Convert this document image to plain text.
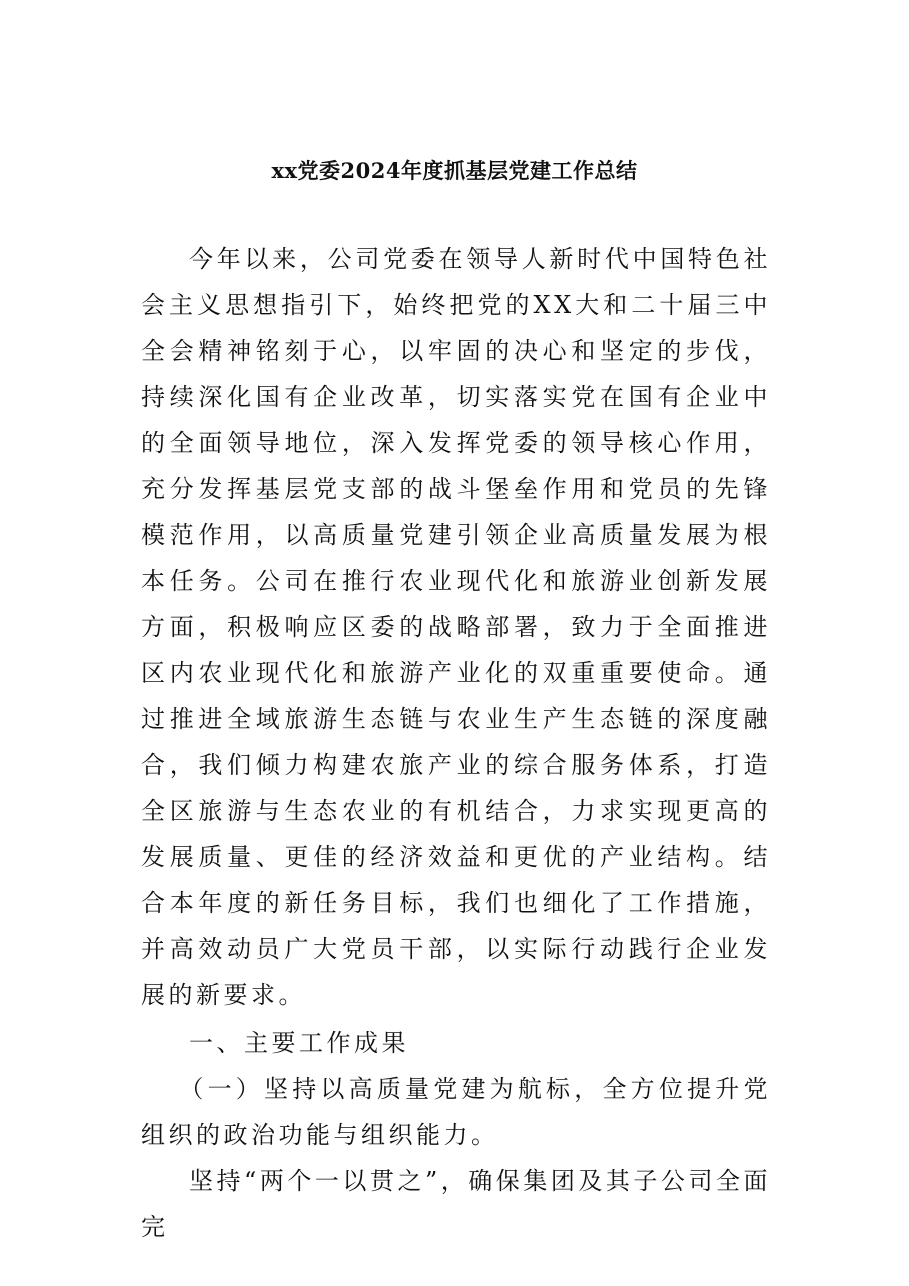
xx党委2024年度抓基层党建工作总结

今年以来，公司党委在领导人新时代中国特色社会主义思想指引下，始终把党的XX大和二十届三中全会精神铭刻于心，以牢固的决心和坚定的步伐，持续深化国有企业改革，切实落实党在国有企业中的全面领导地位，深入发挥党委的领导核心作用，充分发挥基层党支部的战斗堡垒作用和党员的先锋模范作用，以高质量党建引领企业高质量发展为根本任务。公司在推行农业现代化和旅游业创新发展方面，积极响应区委的战略部署，致力于全面推进区内农业现代化和旅游产业化的双重重要使命。通过推进全域旅游生态链与农业生产生态链的深度融合，我们倾力构建农旅产业的综合服务体系，打造全区旅游与生态农业的有机结合，力求实现更高的发展质量、更佳的经济效益和更优的产业结构。结合本年度的新任务目标，我们也细化了工作措施，并高效动员广大党员干部，以实际行动践行企业发展的新要求。

一、主要工作成果

（一）坚持以高质量党建为航标，全方位提升党组织的政治功能与组织能力。

坚持“两个一以贯之”，确保集团及其子公司全面完
